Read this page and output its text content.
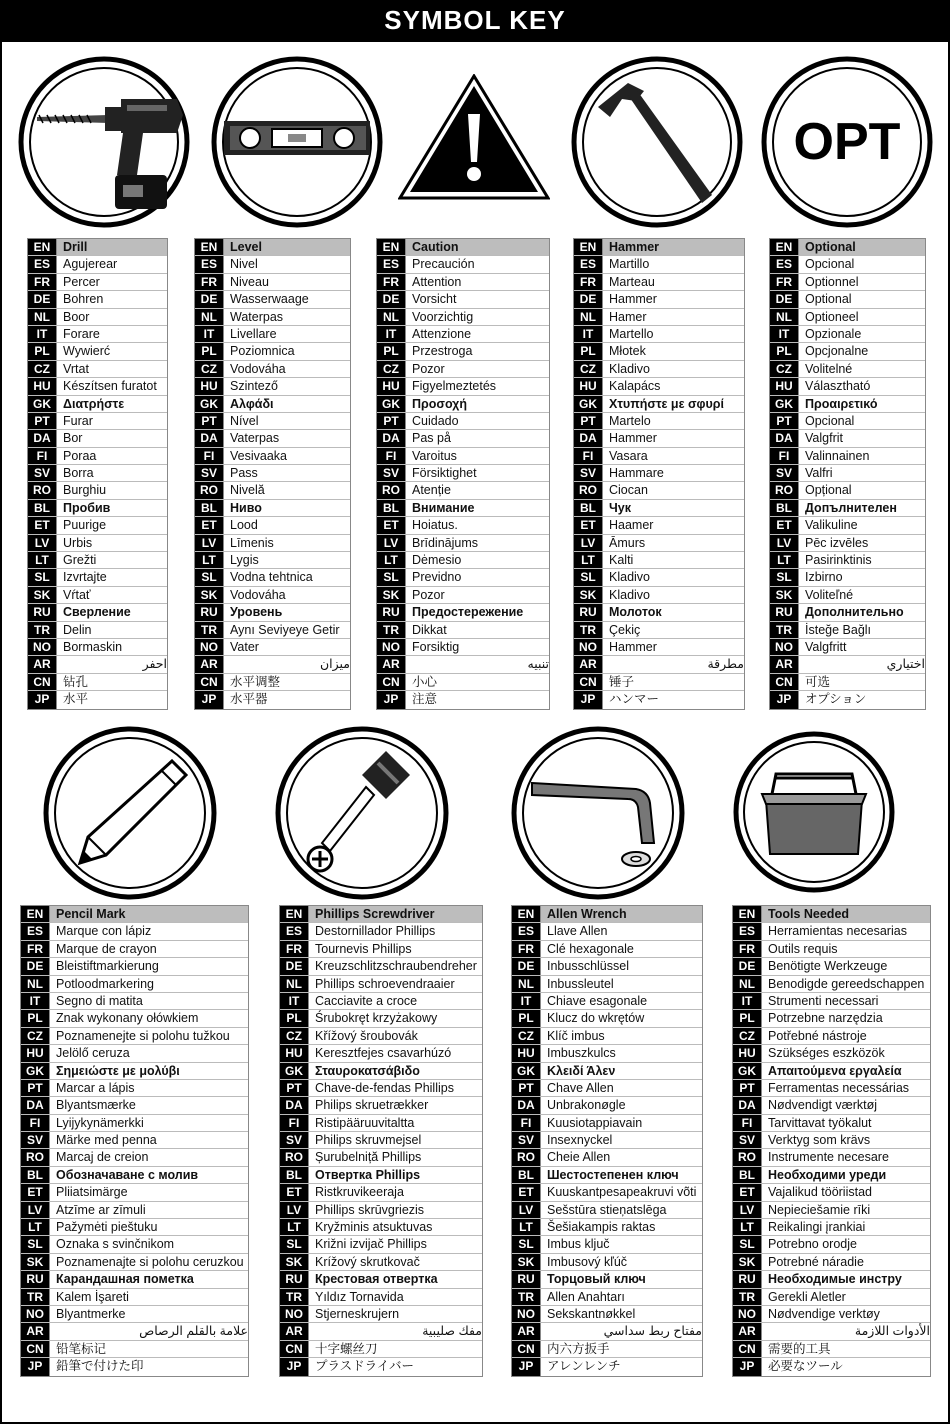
SYMBOL KEY
OPT
EN	Drill
ES	Agujerear
FR	Percer
DE	Bohren
NL	Boor
IT	Forare
PL	Wywierć
CZ	Vrtat
HU Készítsen furatot
GK Διατρήστε
PT	Furar
DA Bor
FI	Poraa
SV	Borra
RO Burghiu
BL	Пробив
ET	Puurige
LV	Urbis
LT	Grežti
SL	Izvrtajte
SK	Vŕtať
RU Сверление
TR	Delin
NO Bormaskin
AR	احفر
CN 钻孔
JP	水平
EN	Level
ES	Nivel
FR	Niveau
DE	Wasserwaage
NL	Waterpas
IT	Livellare
PL	Poziomnica
CZ	Vodováha
HU Szintező
GK Αλφάδι
PT	Nível
DA Vaterpas
FI	Vesivaaka
SV	Pass
RO Nivelă
BL	Ниво
ET	Lood
LV	Līmenis
LT	Lygis
SL	Vodna tehtnica
SK	Vodováha
RU Уровень
TR	Aynı Seviyeye Getir
NO Vater
AR	ميزان
CN 水平调整
JP	水平器
EN	Caution
ES	Precaución
FR	Attention
DE	Vorsicht
NL	Voorzichtig
IT	Attenzione
PL	Przestroga
CZ	Pozor
HU Figyelmeztetés
GK Προσοχή
PT	Cuidado
DA Pas på
FI	Varoitus
SV	Försiktighet
RO Atenție
BL	Внимание
ET	Hoiatus.
LV	Brīdinājums
LT	Dėmesio
SL	Previdno
SK	Pozor
RU Предостережение
TR	Dikkat
NO Forsiktig
AR	تنبيه
CN 小心
JP	注意
EN	Hammer
ES	Martillo
FR	Marteau
DE	Hammer
NL	Hamer
IT	Martello
PL	Młotek
CZ	Kladivo
HU Kalapács
GK Χτυπήστε με σφυρί
PT	Martelo
DA Hammer
FI	Vasara
SV	Hammare
RO Ciocan
BL	Чук
ET	Haamer
LV	Āmurs
LT	Kalti
SL	Kladivo
SK	Kladivo
RU Молоток
TR	Çekiç
NO Hammer
AR	مطرقة
CN 锤子
JP	ハンマー
EN	Optional
ES	Opcional
FR	Optionnel
DE	Optional
NL	Optioneel
IT	Opzionale
PL	Opcjonalne
CZ	Volitelné
HU Választható
GK Προαιρετικό
PT	Opcional
DA Valgfrit
FI	Valinnainen
SV	Valfri
RO Opțional
BL	Допълнителен
ET	Valikuline
LV	Pēc izvēles
LT	Pasirinktinis
SL	Izbirno
SK	Voliteľné
RU Дополнительно
TR	İsteğe Bağlı
NO Valgfritt
AR	اختياري
CN 可选
JP	オプション
EN	Pencil Mark
ES	Marque con lápiz
FR	Marque de crayon
DE	Bleistiftmarkierung
NL	Potloodmarkering
IT	Segno di matita
PL	Znak wykonany ołówkiem
CZ	Poznamenejte si polohu tužkou
HU Jelölő ceruza
GK Σημειώστε με μολύβι
PT	Marcar a lápis
DA Blyantsmærke
FI	Lyijykynämerkki
SV	Märke med penna
RO Marcaj de creion
BL	Обозначаване с молив
ET	Pliiatsimärge
LV	Atzīme ar zīmuli
LT	Pažymėti pieštuku
SL	Oznaka s svinčnikom
SK	Poznamenajte si polohu ceruzkou
RU Карандашная пометка
TR	Kalem İşareti
NO Blyantmerke
AR	علامة بالقلم الرصاص
CN 铅笔标记
JP	鉛筆で付けた印
EN	Phillips Screwdriver
ES	Destornillador Phillips
FR	Tournevis Phillips
DE	Kreuzschlitzschraubendreher
NL	Phillips schroevendraaier
IT	Cacciavite a croce
PL	Śrubokręt krzyżakowy
CZ	Křížový šroubovák
HU Keresztfejes csavarhúzó
GK Σταυροκατσάβιδο
PT	Chave-de-fendas Phillips
DA Philips skruetrækker
FI	Ristipääruuvitaltta
SV	Philips skruvmejsel
RO Șurubelniță Phillips
BL	Отвертка Phillips
ET	Ristkruvikeeraja
LV	Phillips skrūvgriezis
LT	Kryžminis atsuktuvas
SL	Križni izvijač Phillips
SK	Krížový skrutkovač
RU Крестовая отвертка
TR	Yıldız Tornavida
NO Stjerneskrujern
AR	مفك صليبية
CN 十字螺丝刀
JP	プラスドライバー
EN	Allen Wrench
ES	Llave Allen
FR	Clé hexagonale
DE	Inbusschlüssel
NL	Inbussleutel
IT	Chiave esagonale
PL	Klucz do wkrętów
CZ	Klíč imbus
HU Imbuszkulcs
GK Κλειδί Άλεν
PT	Chave Allen
DA Unbrakonøgle
FI	Kuusiotappiavain
SV	Insexnyckel
RO Cheie Allen
BL	Шестостепенен ключ
ET	Kuuskantpesapeakruvi võti
LV	Sešstūra stieņatslēga
LT	Šešiakampis raktas
SL	Imbus ključ
SK	Imbusový kľúč
RU Торцовый ключ
TR	Allen Anahtarı
NO Sekskantnøkkel
AR	مفتاح ربط سداسي
CN 内六方扳手
JP	アレンレンチ
EN	Tools Needed
ES	Herramientas necesarias
FR	Outils requis
DE	Benötigte Werkzeuge
NL	Benodigde gereedschappen
IT	Strumenti necessari
PL	Potrzebne narzędzia
CZ	Potřebné nástroje
HU Szükséges eszközök
GK Απαιτούμενα εργαλεία
PT	Ferramentas necessárias
DA Nødvendigt værktøj
FI	Tarvittavat työkalut
SV	Verktyg som krävs
RO Instrumente necesare
BL	Необходими уреди
ET	Vajalikud tööriistad
LV	Nepieciešamie rīki
LT	Reikalingi įrankiai
SL	Potrebno orodje
SK	Potrebné náradie
RU Необходимые инстру
TR	Gerekli Aletler
NO Nødvendige verktøy
AR	الأدوات اللازمة
CN 需要的工具
JP	必要なツール
